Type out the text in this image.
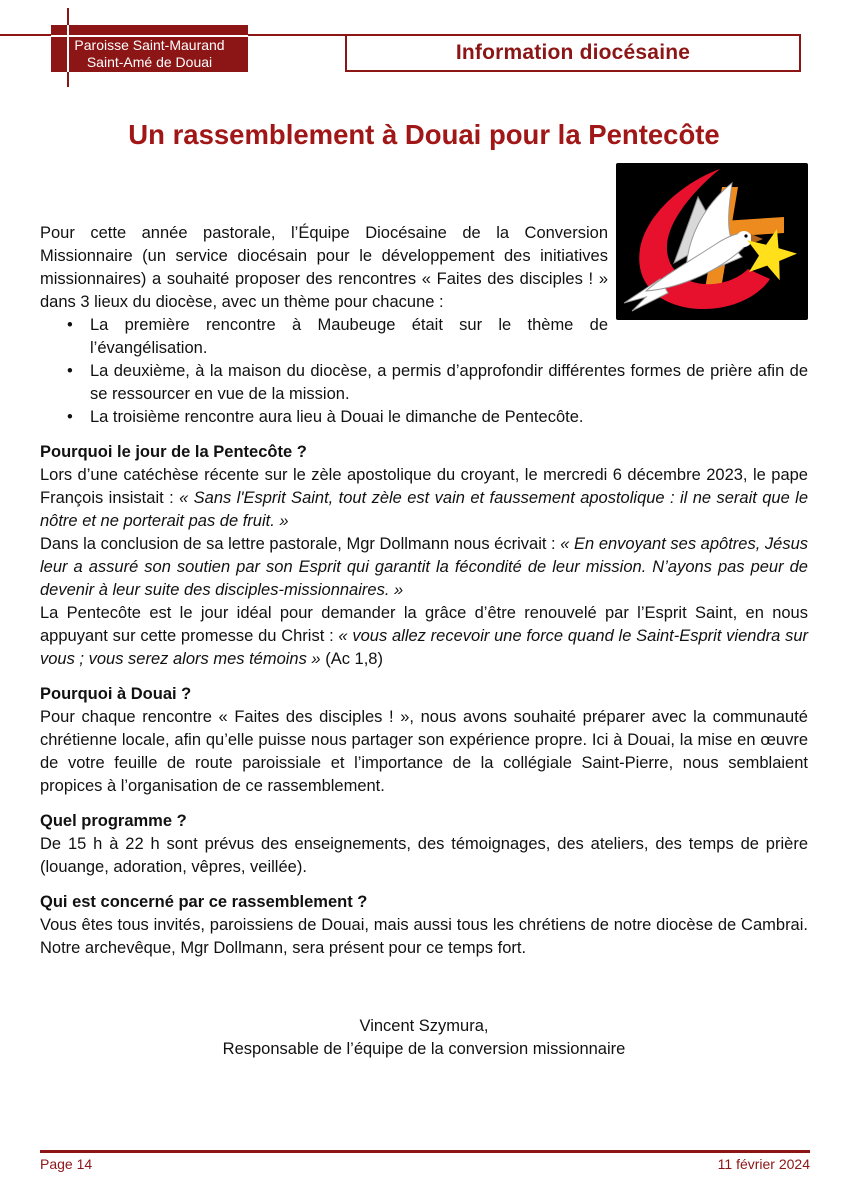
Paroisse Saint-Maurand
Saint-Amé de Douai	Information diocésaine
Un rassemblement à Douai pour la Pentecôte

Pour cette année pastorale, l’Équipe Diocésaine de la Conversion Missionnaire (un service diocésain pour le développement des initiatives missionnaires) a souhaité proposer des rencontres « Faites des disciples ! » dans 3 lieux du diocèse, avec un thème pour chacune :

• La première rencontre à Maubeuge était sur le thème de l’évangélisation.
• La deuxième, à la maison du diocèse, a permis d’approfondir différentes formes de prière afin de se ressourcer en vue de la mission.
• La troisième rencontre aura lieu à Douai le dimanche de Pentecôte.
Pourquoi le jour de la Pentecôte ?

Lors d’une catéchèse récente sur le zèle apostolique du croyant, le mercredi 6 décembre 2023, le pape François insistait : « Sans l'Esprit Saint, tout zèle est vain et faussement apostolique : il ne serait que le nôtre et ne porterait pas de fruit. »

Dans la conclusion de sa lettre pastorale, Mgr Dollmann nous écrivait : « En envoyant ses apôtres, Jésus leur a assuré son soutien par son Esprit qui garantit la fécondité de leur mission. N’ayons pas peur de devenir à leur suite des disciples-missionnaires. »

La Pentecôte est le jour idéal pour demander la grâce d’être renouvelé par l’Esprit Saint, en nous appuyant sur cette promesse du Christ : « vous allez recevoir une force quand le Saint-Esprit viendra sur vous ; vous serez alors mes témoins » (Ac 1,8)

Pourquoi à Douai ?

Pour chaque rencontre « Faites des disciples ! », nous avons souhaité préparer avec la communauté chrétienne locale, afin qu’elle puisse nous partager son expérience propre. Ici à Douai, la mise en œuvre de votre feuille de route paroissiale et l’importance de la collégiale Saint-Pierre, nous semblaient propices à l’organisation de ce rassemblement.

Quel programme ?

De 15 h à 22 h sont prévus des enseignements, des témoignages, des ateliers, des temps de prière (louange, adoration, vêpres, veillée).

Qui est concerné par ce rassemblement ?

Vous êtes tous invités, paroissiens de Douai, mais aussi tous les chrétiens de notre diocèse de Cambrai. Notre archevêque, Mgr Dollmann, sera présent pour ce temps fort.

Vincent Szymura,
Responsable de l’équipe de la conversion missionnaire
Page 14	11 février 2024
